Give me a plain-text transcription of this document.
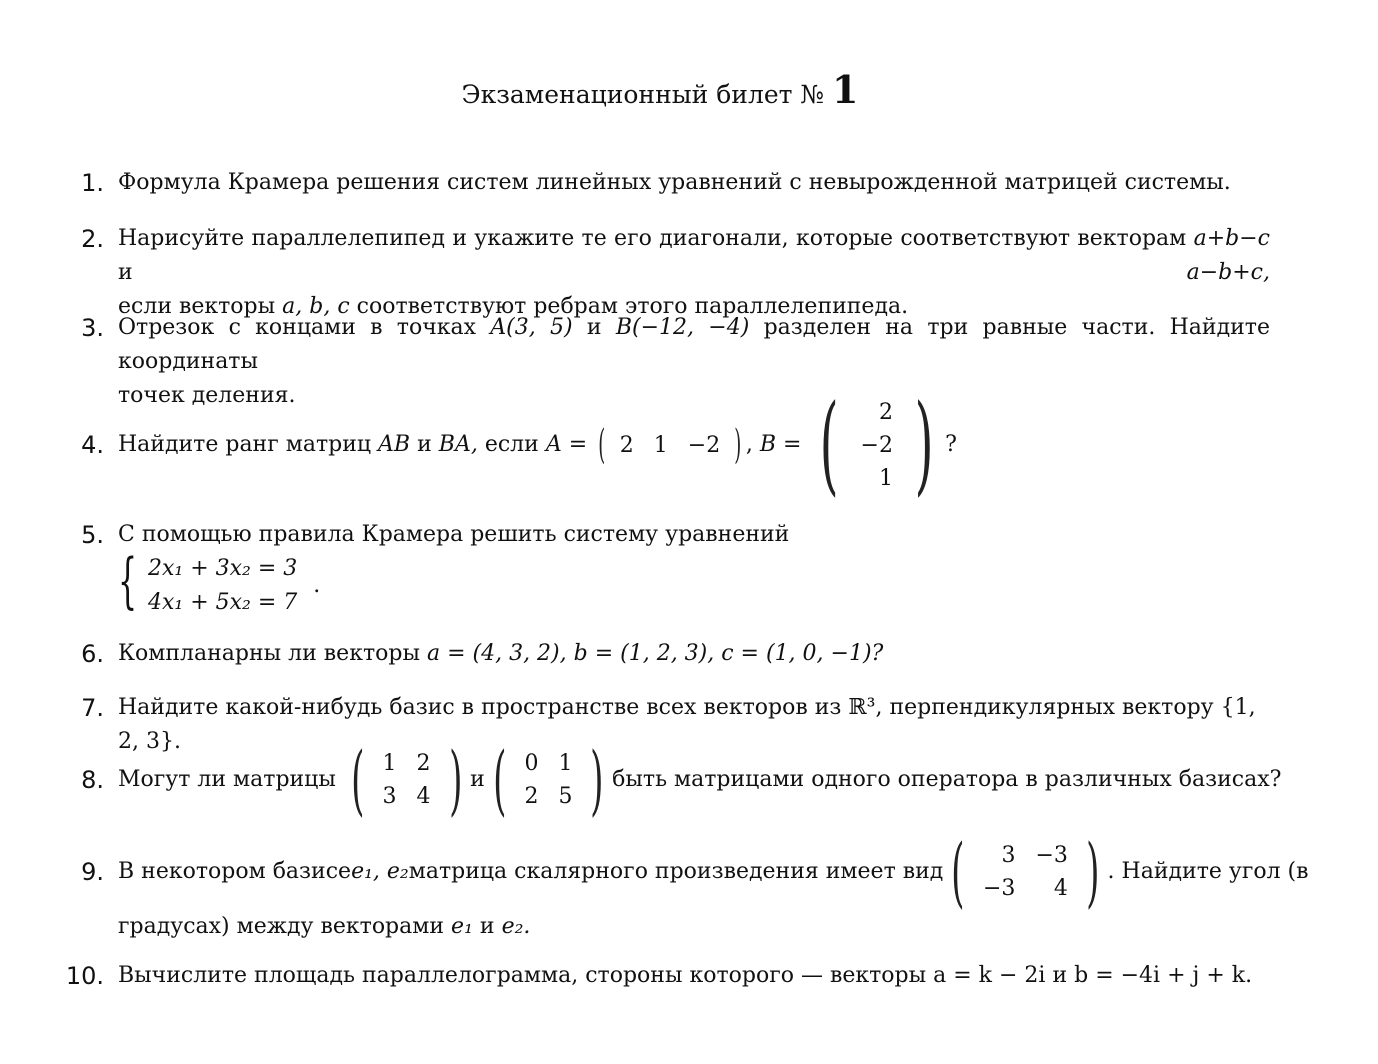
Экзаменационный билет № 1
1. Формула Крамера решения систем линейных уравнений с невырожденной матрицей системы.
2. Нарисуйте параллелепипед и укажите те его диагонали, которые соответствуют векторам a+b−c и	a−b+c,
если векторы a, b, c соответствуют ребрам этого параллелепипеда.
3. Отрезок с концами в точках A(3, 5) и B(−12, −4) разделен на три равные части. Найдите координаты
точек деления.
4. Найдите ранг матриц
AB
и
BA,
если
A =
( 2	1	−2 ) ,
B =
( 2
−2
1 ) ?
5. С помощью правила Крамера решить систему уравнений
{ 2x₁ + 3x₂ = 3
4x₁ + 5x₂ = 7
.
6. Компланарны ли векторы a = (4, 3, 2), b = (1, 2, 3), c = (1, 0, −1)?
7. Найдите какой-нибудь базис в пространстве всех векторов из ℝ³, перпендикулярных вектору {1, 2, 3}.
8. Могут ли матрицы
( 1	2
3	4 ) и ( 0	1
2	5 ) быть матрицами одного оператора в различных базисах?
9. В некотором базисе e₁, e₂ матрица скалярного произведения имеет вид ( 3	−3
−3	4 ) . Найдите угол (в
градусах) между векторами e₁ и e₂.
10. Вычислите площадь параллелограмма, стороны которого — векторы a = k − 2i и b = −4i + j + k.
